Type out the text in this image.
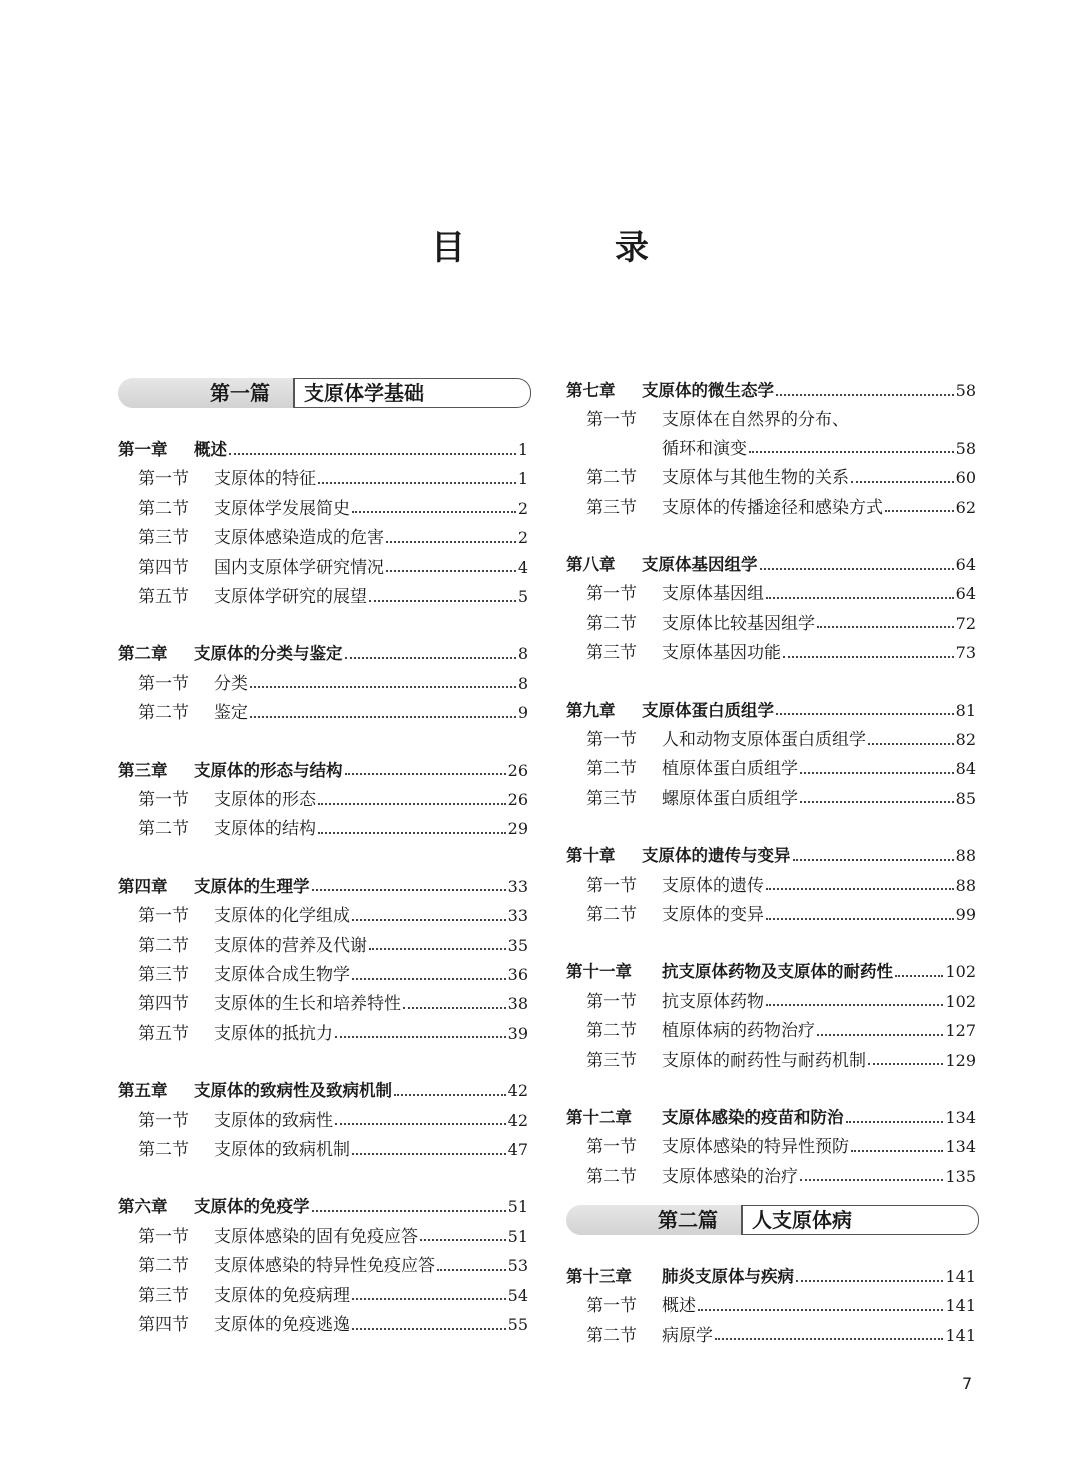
目　录
第一篇 支原体学基础
第一章	概述	1
第一节	支原体的特征	1
第二节	支原体学发展简史	2
第三节	支原体感染造成的危害	2
第四节	国内支原体学研究情况	4
第五节	支原体学研究的展望	5
第二章	支原体的分类与鉴定	8
第一节	分类	8
第二节	鉴定	9
第三章	支原体的形态与结构	26
第一节	支原体的形态	26
第二节	支原体的结构	29
第四章	支原体的生理学	33
第一节	支原体的化学组成	33
第二节	支原体的营养及代谢	35
第三节	支原体合成生物学	36
第四节	支原体的生长和培养特性	38
第五节	支原体的抵抗力	39
第五章	支原体的致病性及致病机制	42
第一节	支原体的致病性	42
第二节	支原体的致病机制	47
第六章	支原体的免疫学	51
第一节	支原体感染的固有免疫应答	51
第二节	支原体感染的特异性免疫应答	53
第三节	支原体的免疫病理	54
第四节	支原体的免疫逃逸	55
第七章	支原体的微生态学	58
第一节	支原体在自然界的分布、
循环和演变	58
第二节	支原体与其他生物的关系	60
第三节	支原体的传播途径和感染方式	62
第八章	支原体基因组学	64
第一节	支原体基因组	64
第二节	支原体比较基因组学	72
第三节	支原体基因功能	73
第九章	支原体蛋白质组学	81
第一节	人和动物支原体蛋白质组学	82
第二节	植原体蛋白质组学	84
第三节	螺原体蛋白质组学	85
第十章	支原体的遗传与变异	88
第一节	支原体的遗传	88
第二节	支原体的变异	99
第十一章	抗支原体药物及支原体的耐药性	102
第一节	抗支原体药物	102
第二节	植原体病的药物治疗	127
第三节	支原体的耐药性与耐药机制	129
第十二章	支原体感染的疫苗和防治	134
第一节	支原体感染的特异性预防	134
第二节	支原体感染的治疗	135
第二篇 人支原体病
第十三章	肺炎支原体与疾病	141
第一节	概述	141
第二节	病原学	141
7
